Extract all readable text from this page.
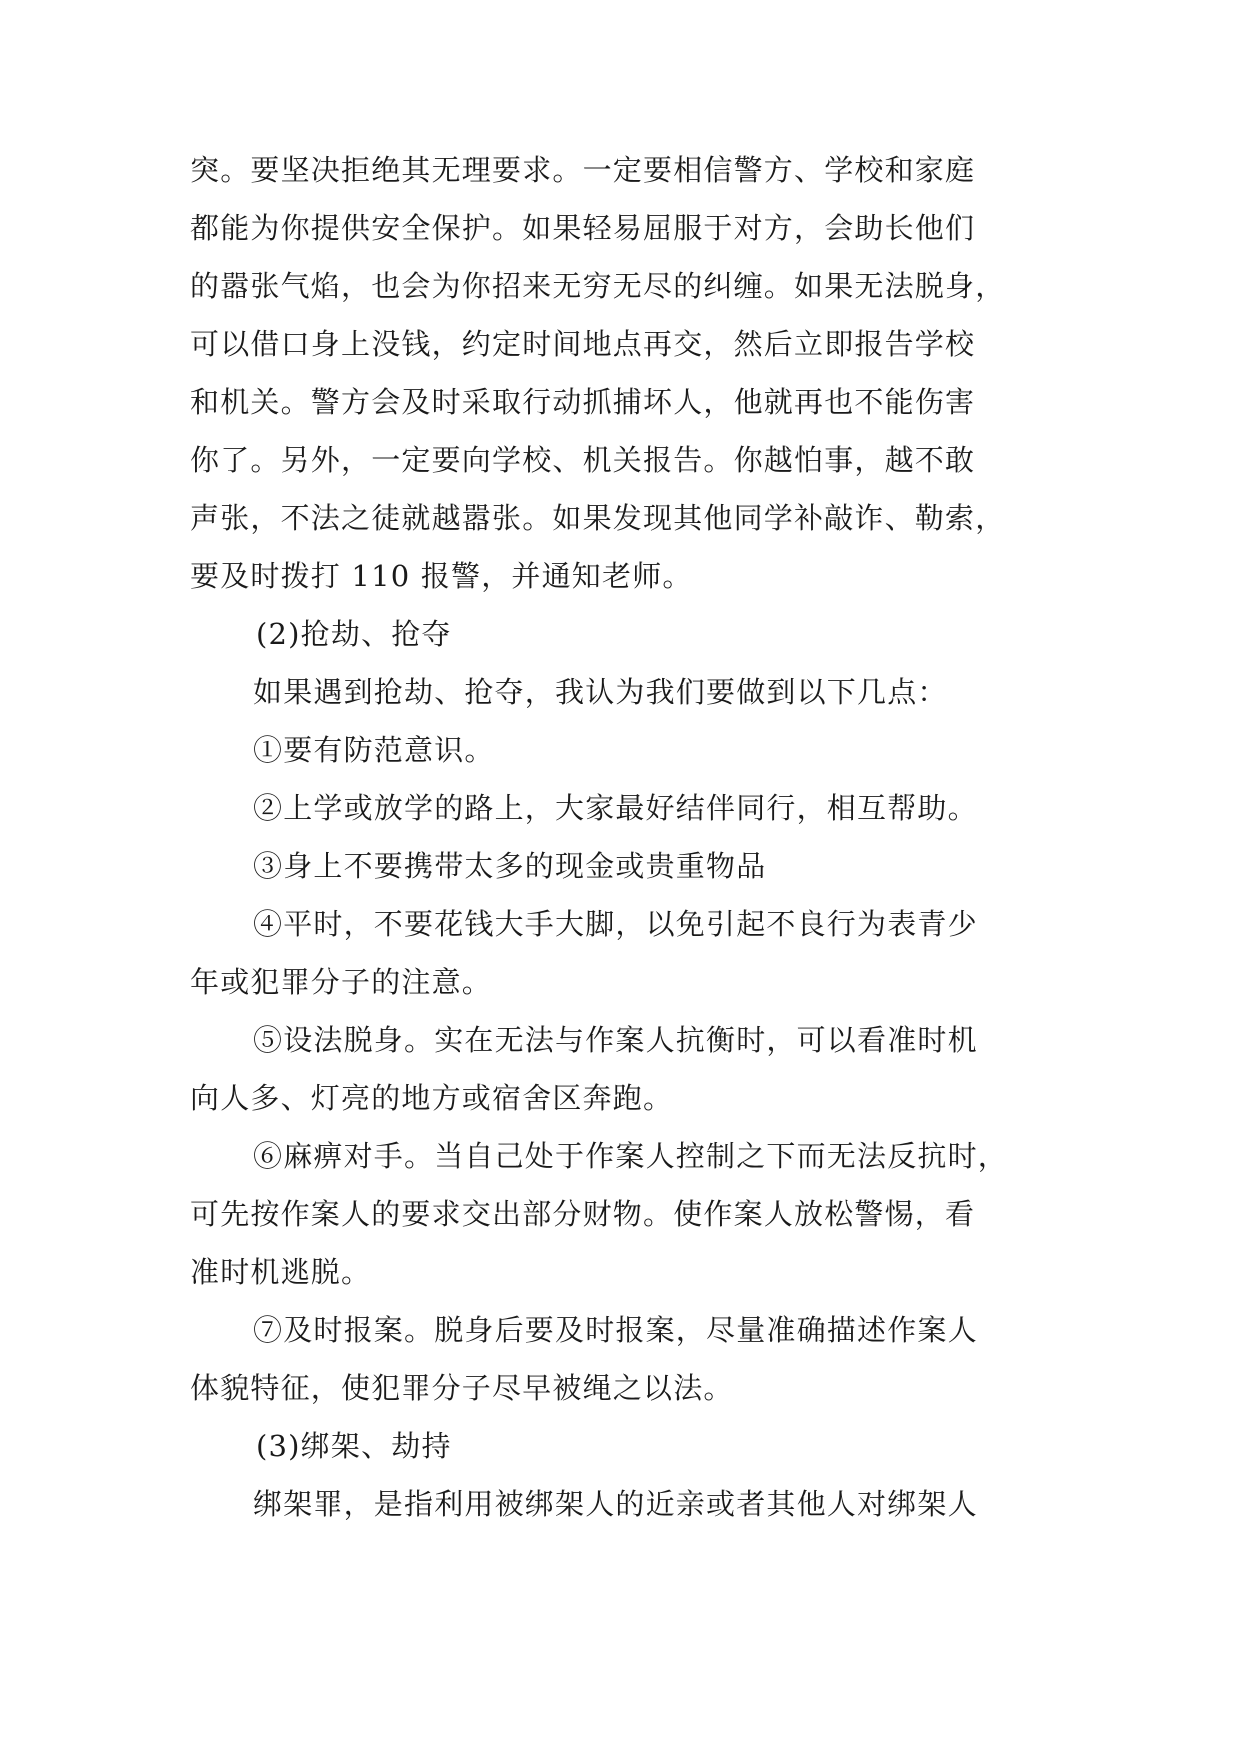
突。要坚决拒绝其无理要求。一定要相信警方、学校和家庭
都能为你提供安全保护。如果轻易屈服于对方，会助长他们
的嚣张气焰，也会为你招来无穷无尽的纠缠。如果无法脱身，
可以借口身上没钱，约定时间地点再交，然后立即报告学校
和机关。警方会及时采取行动抓捕坏人，他就再也不能伤害
你了。另外，一定要向学校、机关报告。你越怕事，越不敢
声张，不法之徒就越嚣张。如果发现其他同学补敲诈、勒索，
要及时拨打 110 报警，并通知老师。
(2)抢劫、抢夺
如果遇到抢劫、抢夺，我认为我们要做到以下几点：
①要有防范意识。
②上学或放学的路上，大家最好结伴同行，相互帮助。
③身上不要携带太多的现金或贵重物品
④平时，不要花钱大手大脚，以免引起不良行为表青少
年或犯罪分子的注意。
⑤设法脱身。实在无法与作案人抗衡时，可以看准时机
向人多、灯亮的地方或宿舍区奔跑。
⑥麻痹对手。当自己处于作案人控制之下而无法反抗时，
可先按作案人的要求交出部分财物。使作案人放松警惕，看
准时机逃脱。
⑦及时报案。脱身后要及时报案，尽量准确描述作案人
体貌特征，使犯罪分子尽早被绳之以法。
(3)绑架、劫持
绑架罪，是指利用被绑架人的近亲或者其他人对绑架人
